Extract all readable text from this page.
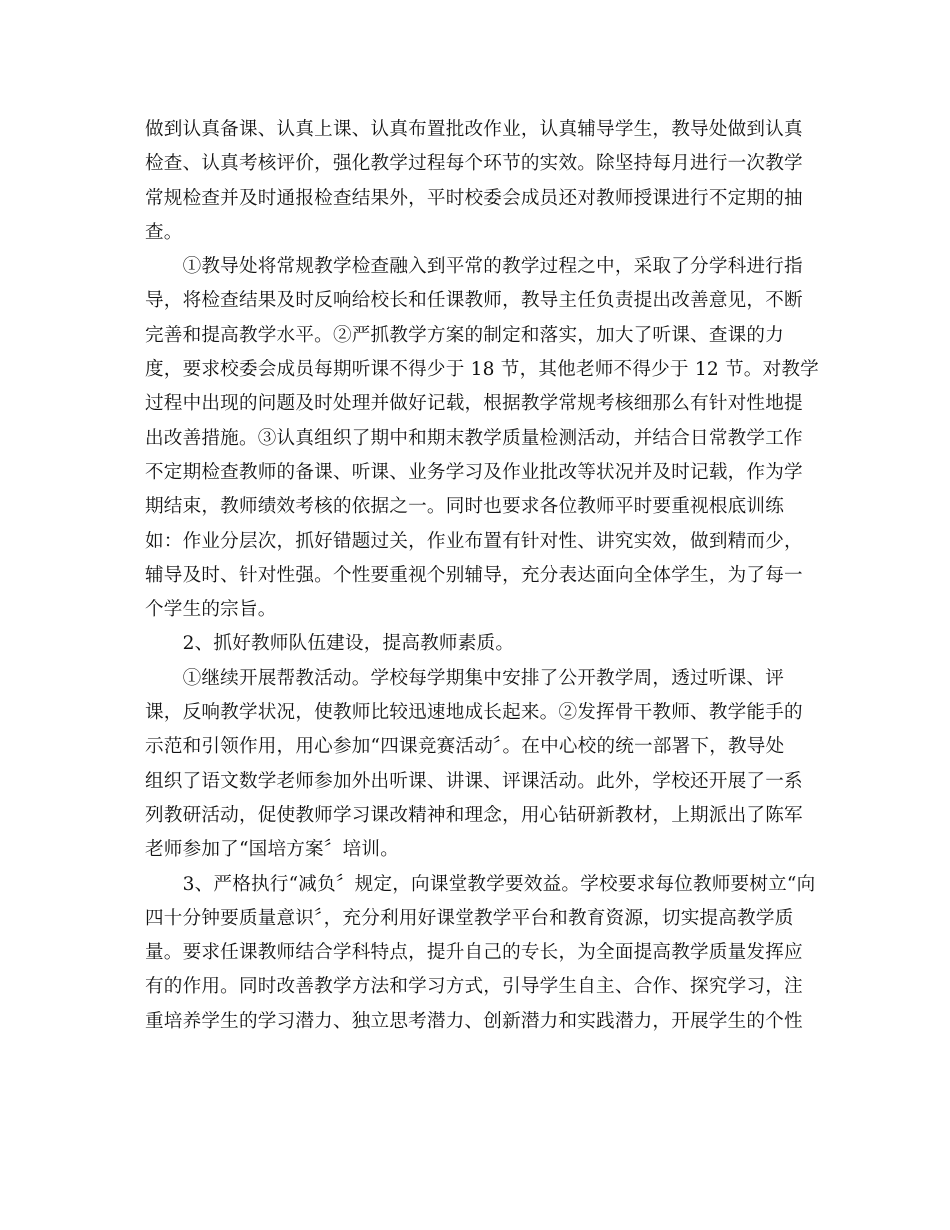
做到认真备课、认真上课、认真布置批改作业，认真辅导学生，教导处做到认真
检查、认真考核评价，强化教学过程每个环节的实效。除坚持每月进行一次教学
常规检查并及时通报检查结果外，平时校委会成员还对教师授课进行不定期的抽
查。
　　①教导处将常规教学检查融入到平常的教学过程之中，采取了分学科进行指
导，将检查结果及时反响给校长和任课教师，教导主任负责提出改善意见，不断
完善和提高教学水平。②严抓教学方案的制定和落实，加大了听课、查课的力
度，要求校委会成员每期听课不得少于 18 节，其他老师不得少于 12 节。对教学
过程中出现的问题及时处理并做好记载，根据教学常规考核细那么有针对性地提
出改善措施。③认真组织了期中和期末教学质量检测活动，并结合日常教学工作
不定期检查教师的备课、听课、业务学习及作业批改等状况并及时记载，作为学
期结束，教师绩效考核的依据之一。同时也要求各位教师平时要重视根底训练
如：作业分层次，抓好错题过关，作业布置有针对性、讲究实效，做到精而少，
辅导及时、针对性强。个性要重视个别辅导，充分表达面向全体学生，为了每一
个学生的宗旨。
　　2、抓好教师队伍建设，提高教师素质。
　　①继续开展帮教活动。学校每学期集中安排了公开教学周，透过听课、评
课，反响教学状况，使教师比较迅速地成长起来。②发挥骨干教师、教学能手的
示范和引领作用，用心参加“四课竞赛活动〞。在中心校的统一部署下，教导处
组织了语文数学老师参加外出听课、讲课、评课活动。此外，学校还开展了一系
列教研活动，促使教师学习课改精神和理念，用心钻研新教材，上期派出了陈军
老师参加了“国培方案〞培训。
　　3、严格执行“减负〞规定，向课堂教学要效益。学校要求每位教师要树立“向
四十分钟要质量意识〞，充分利用好课堂教学平台和教育资源，切实提高教学质
量。要求任课教师结合学科特点，提升自己的专长，为全面提高教学质量发挥应
有的作用。同时改善教学方法和学习方式，引导学生自主、合作、探究学习，注
重培养学生的学习潜力、独立思考潜力、创新潜力和实践潜力，开展学生的个性
